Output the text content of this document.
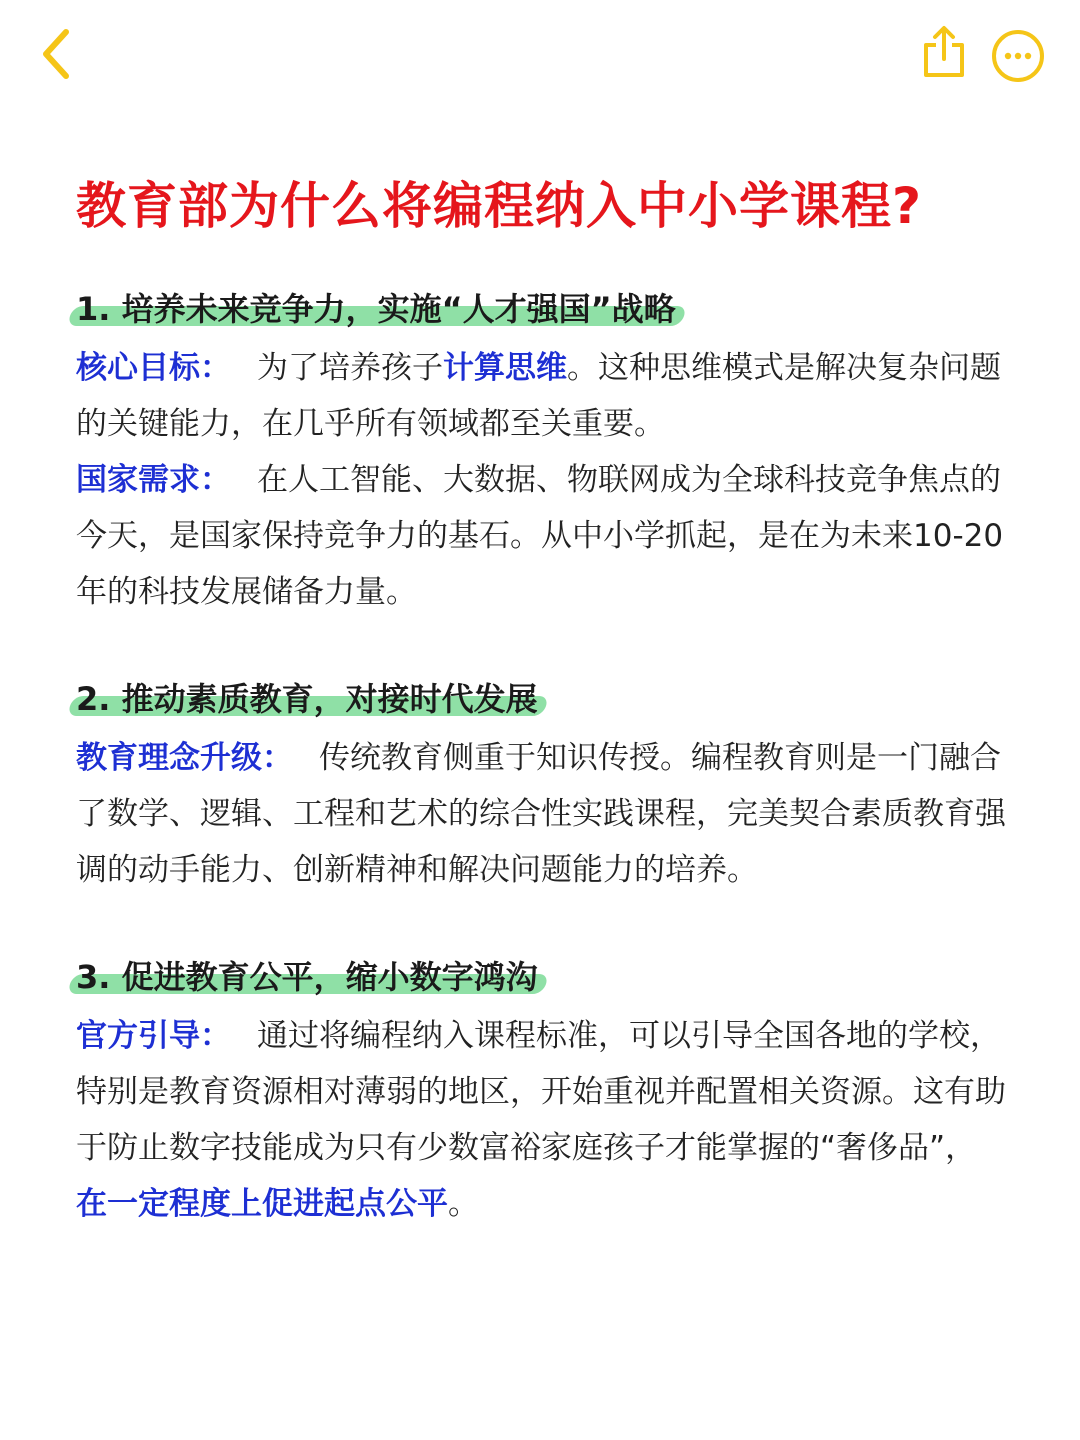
教育部为什么将编程纳入中小学课程?
1. 培养未来竞争力，实施“人才强国”战略

核心目标： 为了培养孩子计算思维。这种思维模式是解决复杂问题的关键能力，在几乎所有领域都至关重要。

国家需求： 在人工智能、大数据、物联网成为全球科技竞争焦点的今天，是国家保持竞争力的基石。从中小学抓起，是在为未来10-20年的科技发展储备力量。

2. 推动素质教育，对接时代发展

教育理念升级： 传统教育侧重于知识传授。编程教育则是一门融合了数学、逻辑、工程和艺术的综合性实践课程，完美契合素质教育强调的动手能力、创新精神和解决问题能力的培养。

3. 促进教育公平，缩小数字鸿沟

官方引导： 通过将编程纳入课程标准，可以引导全国各地的学校，特别是教育资源相对薄弱的地区，开始重视并配置相关资源。这有助于防止数字技能成为只有少数富裕家庭孩子才能掌握的“奢侈品”，在一定程度上促进起点公平。
